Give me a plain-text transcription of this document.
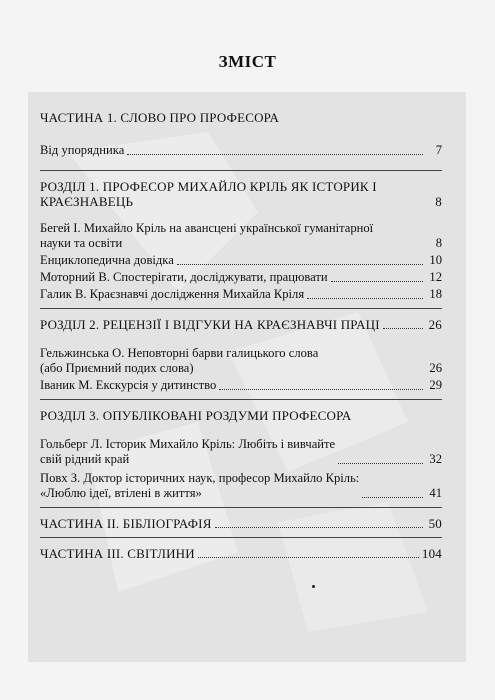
ЗМІСТ
ЧАСТИНА 1. СЛОВО ПРО ПРОФЕСОРА
Від упорядника	7
РОЗДІЛ 1. ПРОФЕСОР МИХАЙЛО КРІЛЬ ЯК ІСТОРИК І
КРАЄЗНАВЕЦЬ	8
Бегей І. Михайло Кріль на авансцені української гуманітарної
науки та освіти	8
Енциклопедична довідка	10
Моторний В. Спостерігати, досліджувати, працювати	12
Галик В. Краєзнавчі дослідження Михайла Кріля	18
РОЗДІЛ 2. РЕЦЕНЗІЇ І ВІДГУКИ НА КРАЄЗНАВЧІ ПРАЦІ	26
Гельжинська О. Неповторні барви галицького слова
(або Приємний подих слова)	26
Іваник М. Екскурсія у дитинство	29
РОЗДІЛ 3. ОПУБЛІКОВАНІ РОЗДУМИ ПРОФЕСОРА
Гольберг Л. Історик Михайло Кріль: Любіть і вивчайте
свій рідний край	32
Повх З. Доктор історичних наук, професор Михайло Кріль:
«Люблю ідеї, втілені в життя»	41
ЧАСТИНА ІІ. БІБЛІОГРАФІЯ	50
ЧАСТИНА ІІІ. СВІТЛИНИ	104
